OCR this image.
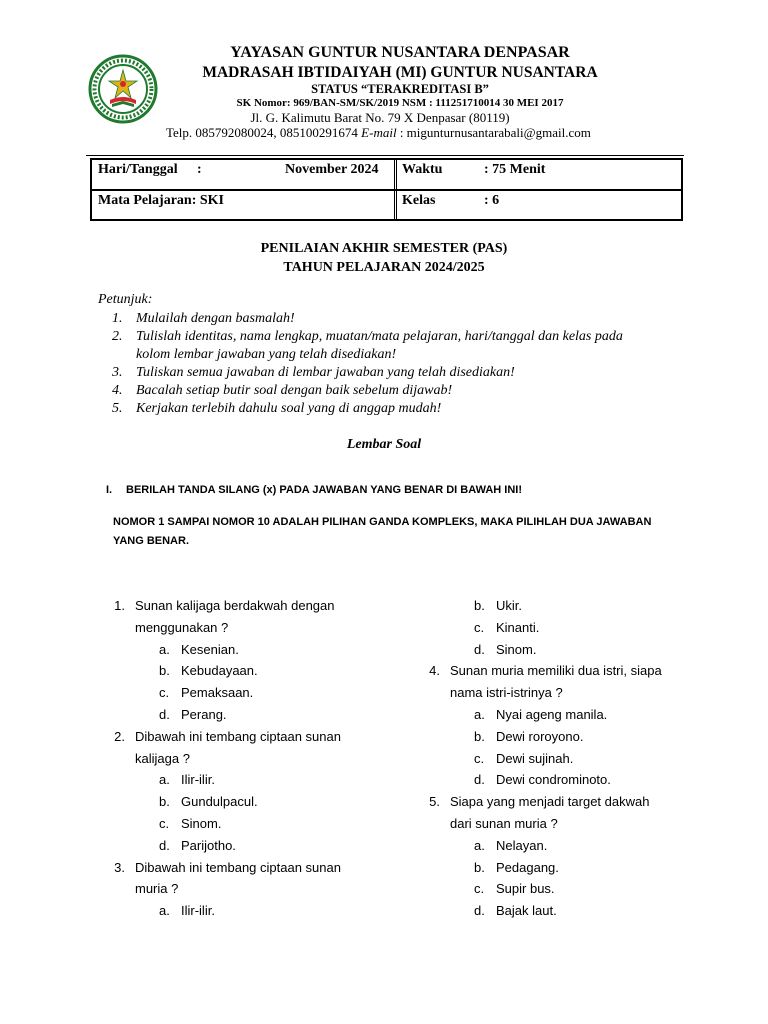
YAYASAN GUNTUR NUSANTARA DENPASAR
MADRASAH IBTIDAIYAH (MI) GUNTUR NUSANTARA
STATUS “TERAKREDITASI B”
SK Nomor: 969/BAN-SM/SK/2019 NSM : 111251710014 30 MEI 2017
Jl. G. Kalimutu Barat No. 79 X Denpasar (80119)
Telp. 085792080024, 085100291674 E-mail : migunturnusantarabali@gmail.com
Hari/Tanggal :	November 2024 Waktu	: 75 Menit
Mata Pelajaran: SKI	Kelas	: 6
PENILAIAN AKHIR SEMESTER (PAS)
TAHUN PELAJARAN 2024/2025
Petunjuk:
1. Mulailah dengan basmalah!
2. Tulislah identitas, nama lengkap, muatan/mata pelajaran, hari/tanggal dan kelas pada
kolom lembar jawaban yang telah disediakan!
3. Tuliskan semua jawaban di lembar jawaban yang telah disediakan!
4. Bacalah setiap butir soal dengan baik sebelum dijawab!
5. Kerjakan terlebih dahulu soal yang di anggap mudah!
Lembar Soal
I. BERILAH TANDA SILANG (x) PADA JAWABAN YANG BENAR DI BAWAH INI!
NOMOR 1 SAMPAI NOMOR 10 ADALAH PILIHAN GANDA KOMPLEKS, MAKA PILIHLAH DUA JAWABAN YANG BENAR.
1. Sunan kalijaga berdakwah dengan
menggunakan ?
a. Kesenian.
b. Kebudayaan.
c. Pemaksaan.
d. Perang.
2. Dibawah ini tembang ciptaan sunan
kalijaga ?
a. Ilir-ilir.
b. Gundulpacul.
c. Sinom.
d. Parijotho.
3. Dibawah ini tembang ciptaan sunan
muria ?
a. Ilir-ilir.
b. Ukir.
c. Kinanti.
d. Sinom.
4. Sunan muria memiliki dua istri, siapa
nama istri-istrinya ?
a. Nyai ageng manila.
b. Dewi roroyono.
c. Dewi sujinah.
d. Dewi condrominoto.
5. Siapa yang menjadi target dakwah
dari sunan muria ?
a. Nelayan.
b. Pedagang.
c. Supir bus.
d. Bajak laut.
